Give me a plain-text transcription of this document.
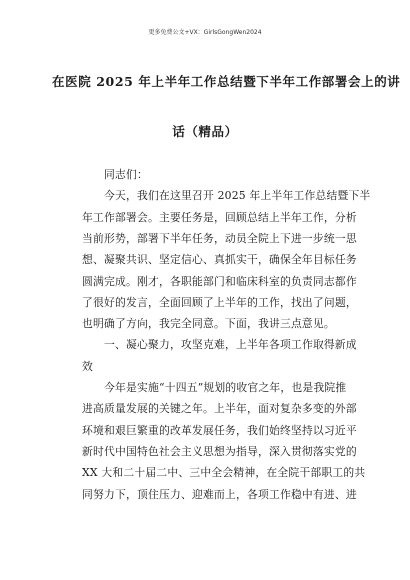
更多免费公文+VX：GirlsGongWen2024
在医院 2025 年上半年工作总结暨下半年工作部署会上的讲
话（精品）
同志们：
今天，我们在这里召开 2025 年上半年工作总结暨下半
年工作部署会。主要任务是，回顾总结上半年工作，分析
当前形势，部署下半年任务，动员全院上下进一步统一思
想、凝聚共识、坚定信心、真抓实干，确保全年目标任务
圆满完成。刚才，各职能部门和临床科室的负责同志都作
了很好的发言，全面回顾了上半年的工作，找出了问题，
也明确了方向，我完全同意。下面，我讲三点意见。
一、凝心聚力，攻坚克难，上半年各项工作取得新成
效
今年是实施“十四五”规划的收官之年，也是我院推
进高质量发展的关键之年。上半年，面对复杂多变的外部
环境和艰巨繁重的改革发展任务，我们始终坚持以习近平
新时代中国特色社会主义思想为指导，深入贯彻落实党的
XX 大和二十届二中、三中全会精神，在全院干部职工的共
同努力下，顶住压力、迎难而上，各项工作稳中有进、进
